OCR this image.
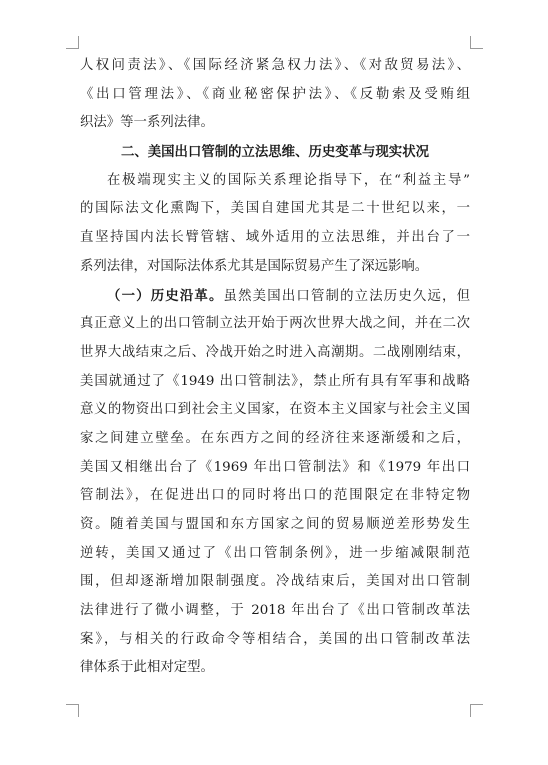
人权问责法》、《国际经济紧急权力法》、《对敌贸易法》、
《出口管理法》、《商业秘密保护法》、《反勒索及受贿组
织法》等一系列法律。
二、美国出口管制的立法思维、历史变革与现实状况
在极端现实主义的国际关系理论指导下，在“利益主导”
的国际法文化熏陶下，美国自建国尤其是二十世纪以来，一
直坚持国内法长臂管辖、域外适用的立法思维，并出台了一
系列法律，对国际法体系尤其是国际贸易产生了深远影响。
（一）历史沿革。虽然美国出口管制的立法历史久远，但
真正意义上的出口管制立法开始于两次世界大战之间，并在二次
世界大战结束之后、冷战开始之时进入高潮期。二战刚刚结束，
美国就通过了《1949 出口管制法》，禁止所有具有军事和战略
意义的物资出口到社会主义国家，在资本主义国家与社会主义国
家之间建立壁垒。在东西方之间的经济往来逐渐缓和之后，
美国又相继出台了《1969 年出口管制法》和《1979 年出口
管制法》，在促进出口的同时将出口的范围限定在非特定物
资。随着美国与盟国和东方国家之间的贸易顺逆差形势发生
逆转，美国又通过了《出口管制条例》，进一步缩减限制范
围，但却逐渐增加限制强度。冷战结束后，美国对出口管制
法律进行了微小调整，于 2018 年出台了《出口管制改革法
案》，与相关的行政命令等相结合，美国的出口管制改革法
律体系于此相对定型。
